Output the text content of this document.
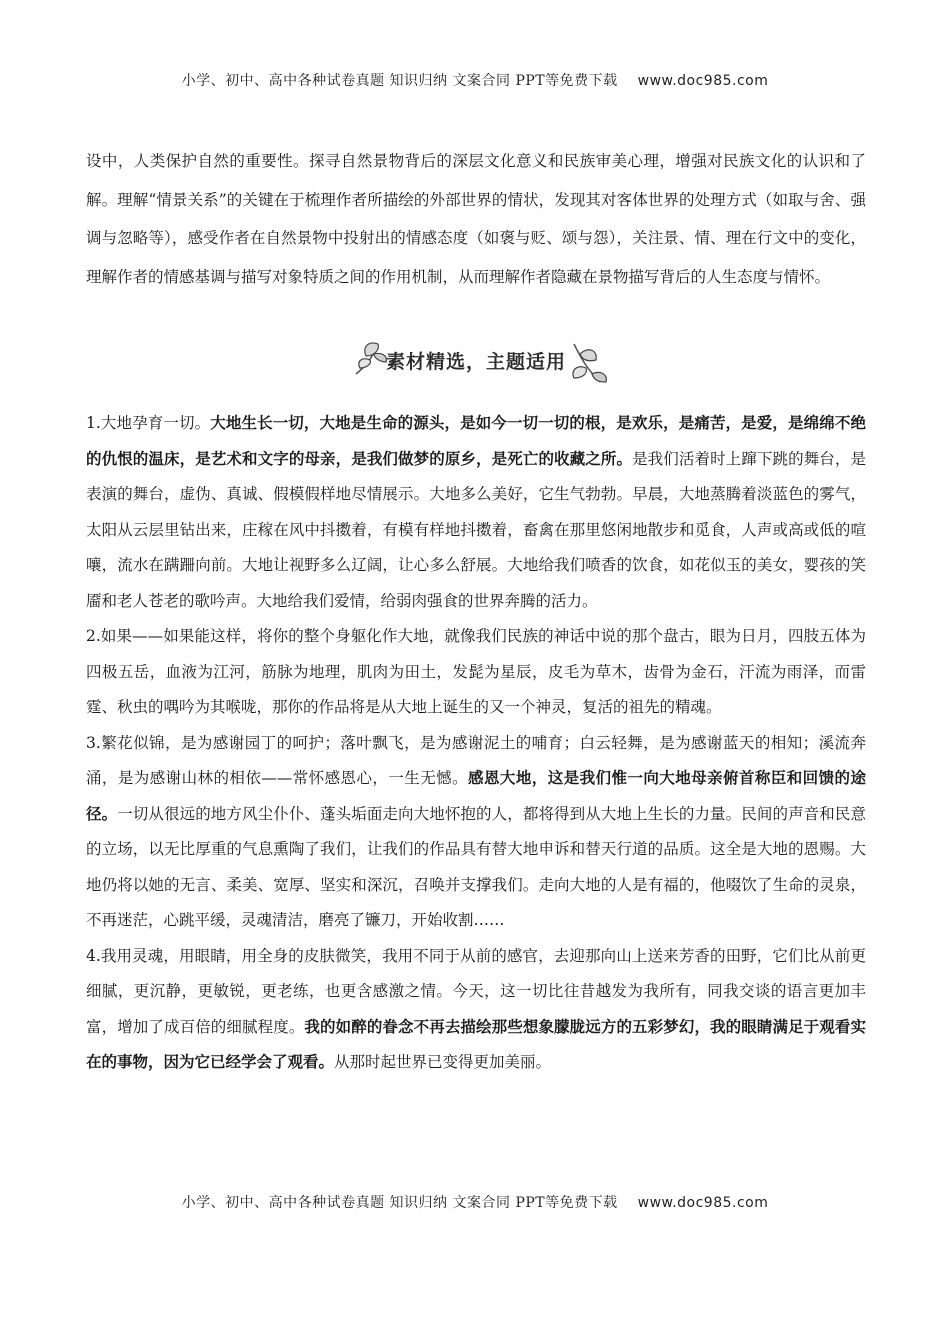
小学、初中、高中各种试卷真题 知识归纳 文案合同 PPT等免费下载 www.doc985.com
设中，人类保护自然的重要性。探寻自然景物背后的深层文化意义和民族审美心理，增强对民族文化的认识和了解。理解“情景关系”的关键在于梳理作者所描绘的外部世界的情状，发现其对客体世界的处理方式（如取与舍、强调与忽略等），感受作者在自然景物中投射出的情感态度（如褒与贬、颂与怨），关注景、情、理在行文中的变化，理解作者的情感基调与描写对象特质之间的作用机制，从而理解作者隐藏在景物描写背后的人生态度与情怀。
素材精选，主题适用

1.大地孕育一切。大地生长一切，大地是生命的源头，是如今一切一切的根，是欢乐，是痛苦，是爱，是绵绵不绝的仇恨的温床，是艺术和文字的母亲，是我们做梦的原乡，是死亡的收藏之所。是我们活着时上蹿下跳的舞台，是表演的舞台，虚伪、真诚、假模假样地尽情展示。大地多么美好，它生气勃勃。早晨，大地蒸腾着淡蓝色的雾气，太阳从云层里钻出来，庄稼在风中抖擞着，有模有样地抖擞着，畜禽在那里悠闲地散步和觅食，人声或高或低的喧嚷，流水在蹒跚向前。大地让视野多么辽阔，让心多么舒展。大地给我们喷香的饮食，如花似玉的美女，婴孩的笑靥和老人苍老的歌吟声。大地给我们爱情，给弱肉强食的世界奔腾的活力。

2.如果——如果能这样，将你的整个身躯化作大地，就像我们民族的神话中说的那个盘古，眼为日月，四肢五体为四极五岳，血液为江河，筋脉为地理，肌肉为田土，发髭为星辰，皮毛为草木，齿骨为金石，汗流为雨泽，而雷霆、秋虫的喁吟为其喉咙，那你的作品将是从大地上诞生的又一个神灵，复活的祖先的精魂。

3.繁花似锦，是为感谢园丁的呵护；落叶飘飞，是为感谢泥土的哺育；白云轻舞，是为感谢蓝天的相知；溪流奔涌，是为感谢山林的相依——常怀感恩心，一生无憾。感恩大地，这是我们惟一向大地母亲俯首称臣和回馈的途径。一切从很远的地方风尘仆仆、蓬头垢面走向大地怀抱的人，都将得到从大地上生长的力量。民间的声音和民意的立场，以无比厚重的气息熏陶了我们，让我们的作品具有替大地申诉和替天行道的品质。这全是大地的恩赐。大地仍将以她的无言、柔美、宽厚、坚实和深沉，召唤并支撑我们。走向大地的人是有福的，他啜饮了生命的灵泉，不再迷茫，心跳平缓，灵魂清洁，磨亮了镰刀，开始收割……

4.我用灵魂，用眼睛，用全身的皮肤微笑，我用不同于从前的感官，去迎那向山上送来芳香的田野，它们比从前更细腻，更沉静，更敏锐，更老练，也更含感激之情。今天，这一切比往昔越发为我所有，同我交谈的语言更加丰富，增加了成百倍的细腻程度。我的如醉的眷念不再去描绘那些想象朦胧远方的五彩梦幻，我的眼睛满足于观看实在的事物，因为它已经学会了观看。从那时起世界已变得更加美丽。

小学、初中、高中各种试卷真题 知识归纳 文案合同 PPT等免费下载 www.doc985.com
